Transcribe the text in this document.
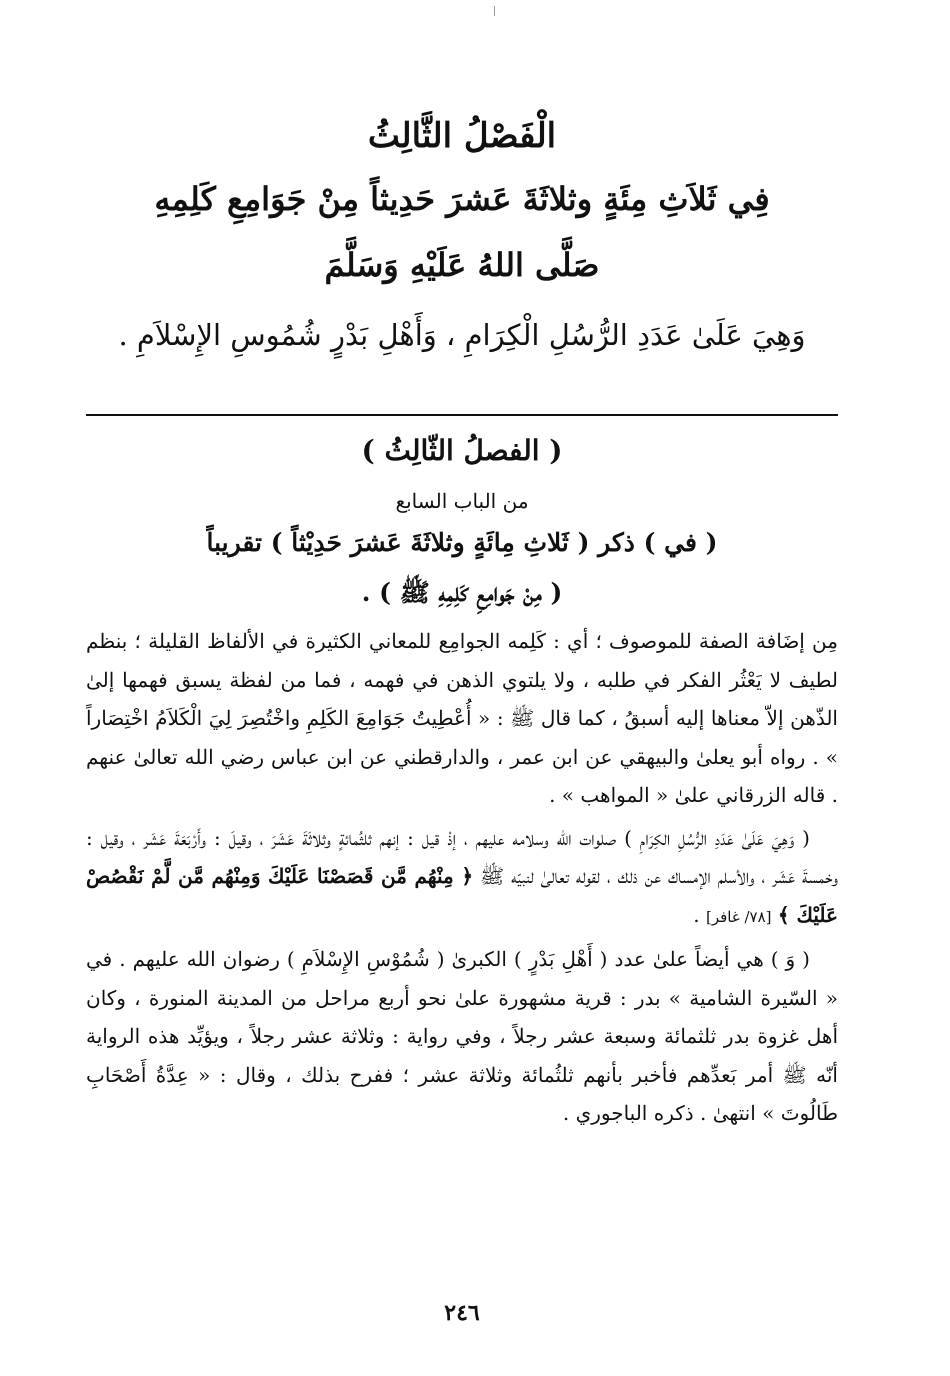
الْفَصْلُ الثَّالِثُ

فِي ثَلاَثِ مِئَةٍ وثلاثَةَ عَشرَ حَدِيثاً مِنْ جَوَامِعِ كَلِمِهِ

صَلَّى اللهُ عَلَيْهِ وَسَلَّمَ

وَهِيَ عَلَىٰ عَدَدِ الرُّسُلِ الْكِرَامِ ، وَأَهْلِ بَدْرٍ شُمُوسِ الإِسْلاَمِ .

( الفصلُ الثّالِثُ )

من الباب السابع

( في ) ذكر ( ثَلاثِ مِائَةٍ وثلاثَةَ عَشرَ حَدِيْثاً ) تقريباً

( مِنْ جَوامِعِ كَلِمِهِ ﷺ ) .

مِن إضَافة الصفة للموصوف ؛ أي : كَلِمه الجوامِع للمعاني الكثيرة في الألفاظ القليلة ؛ بنظم لطيف لا يَعْثُر الفكر في طلبه ، ولا يلتوي الذهن في فهمه ، فما من لفظة يسبق فهمها إلىٰ الذّهن إلاّ معناها إليه أسبقُ ، كما قال ﷺ : « أُعْطِيتُ جَوَامِعَ الكَلِمِ واخْتُصِرَ لِيَ الْكَلاَمُ اخْتِصَاراً » . رواه أبو يعلىٰ والبيهقي عن ابن عمر ، والدارقطني عن ابن عباس رضي الله تعالىٰ عنهم . قاله الزرقاني علىٰ « المواهب » .

( وَهِيَ عَلَىٰ عَدَدِ الرُّسُلِ الكِرَامِ ) صلوات الله وسلامه عليهم ، إذْ قيل : إنهم ثلثُمائةٍ وثلاثَةَ عَشَرَ ، وقيلَ : وأَرْبَعَةَ عَشَر ، وقيل : وخمسةَ عَشَر ، والأسلم الإمساك عن ذلك ، لقوله تعالىٰ لنبيّه ﷺ ﴿ مِنْهُم مَّن قَصَصْنَا عَلَيْكَ وَمِنْهُم مَّن لَّمْ نَقْصُصْ عَلَيْكَ ﴾ [٧٨/ غافر] .

( وَ ) هي أيضاً علىٰ عدد ( أَهْلِ بَدْرٍ ) الكبرىٰ ( شُمُوْسِ الإِسْلاَمِ ) رضوان الله عليهم . في « السّيرة الشامية » بدر : قرية مشهورة علىٰ نحو أربع مراحل من المدينة المنورة ، وكان أهل غزوة بدر ثلثمائة وسبعة عشر رجلاً ، وفي رواية : وثلاثة عشر رجلاً ، ويؤيِّد هذه الرواية أنّه ﷺ أمر بَعدِّهم فأخبر بأنهم ثلثُمائة وثلاثة عشر ؛ ففرح بذلك ، وقال : « عِدَّةُ أَصْحَابِ طَالُوتَ » انتهىٰ . ذكره الباجوري .

٢٤٦
